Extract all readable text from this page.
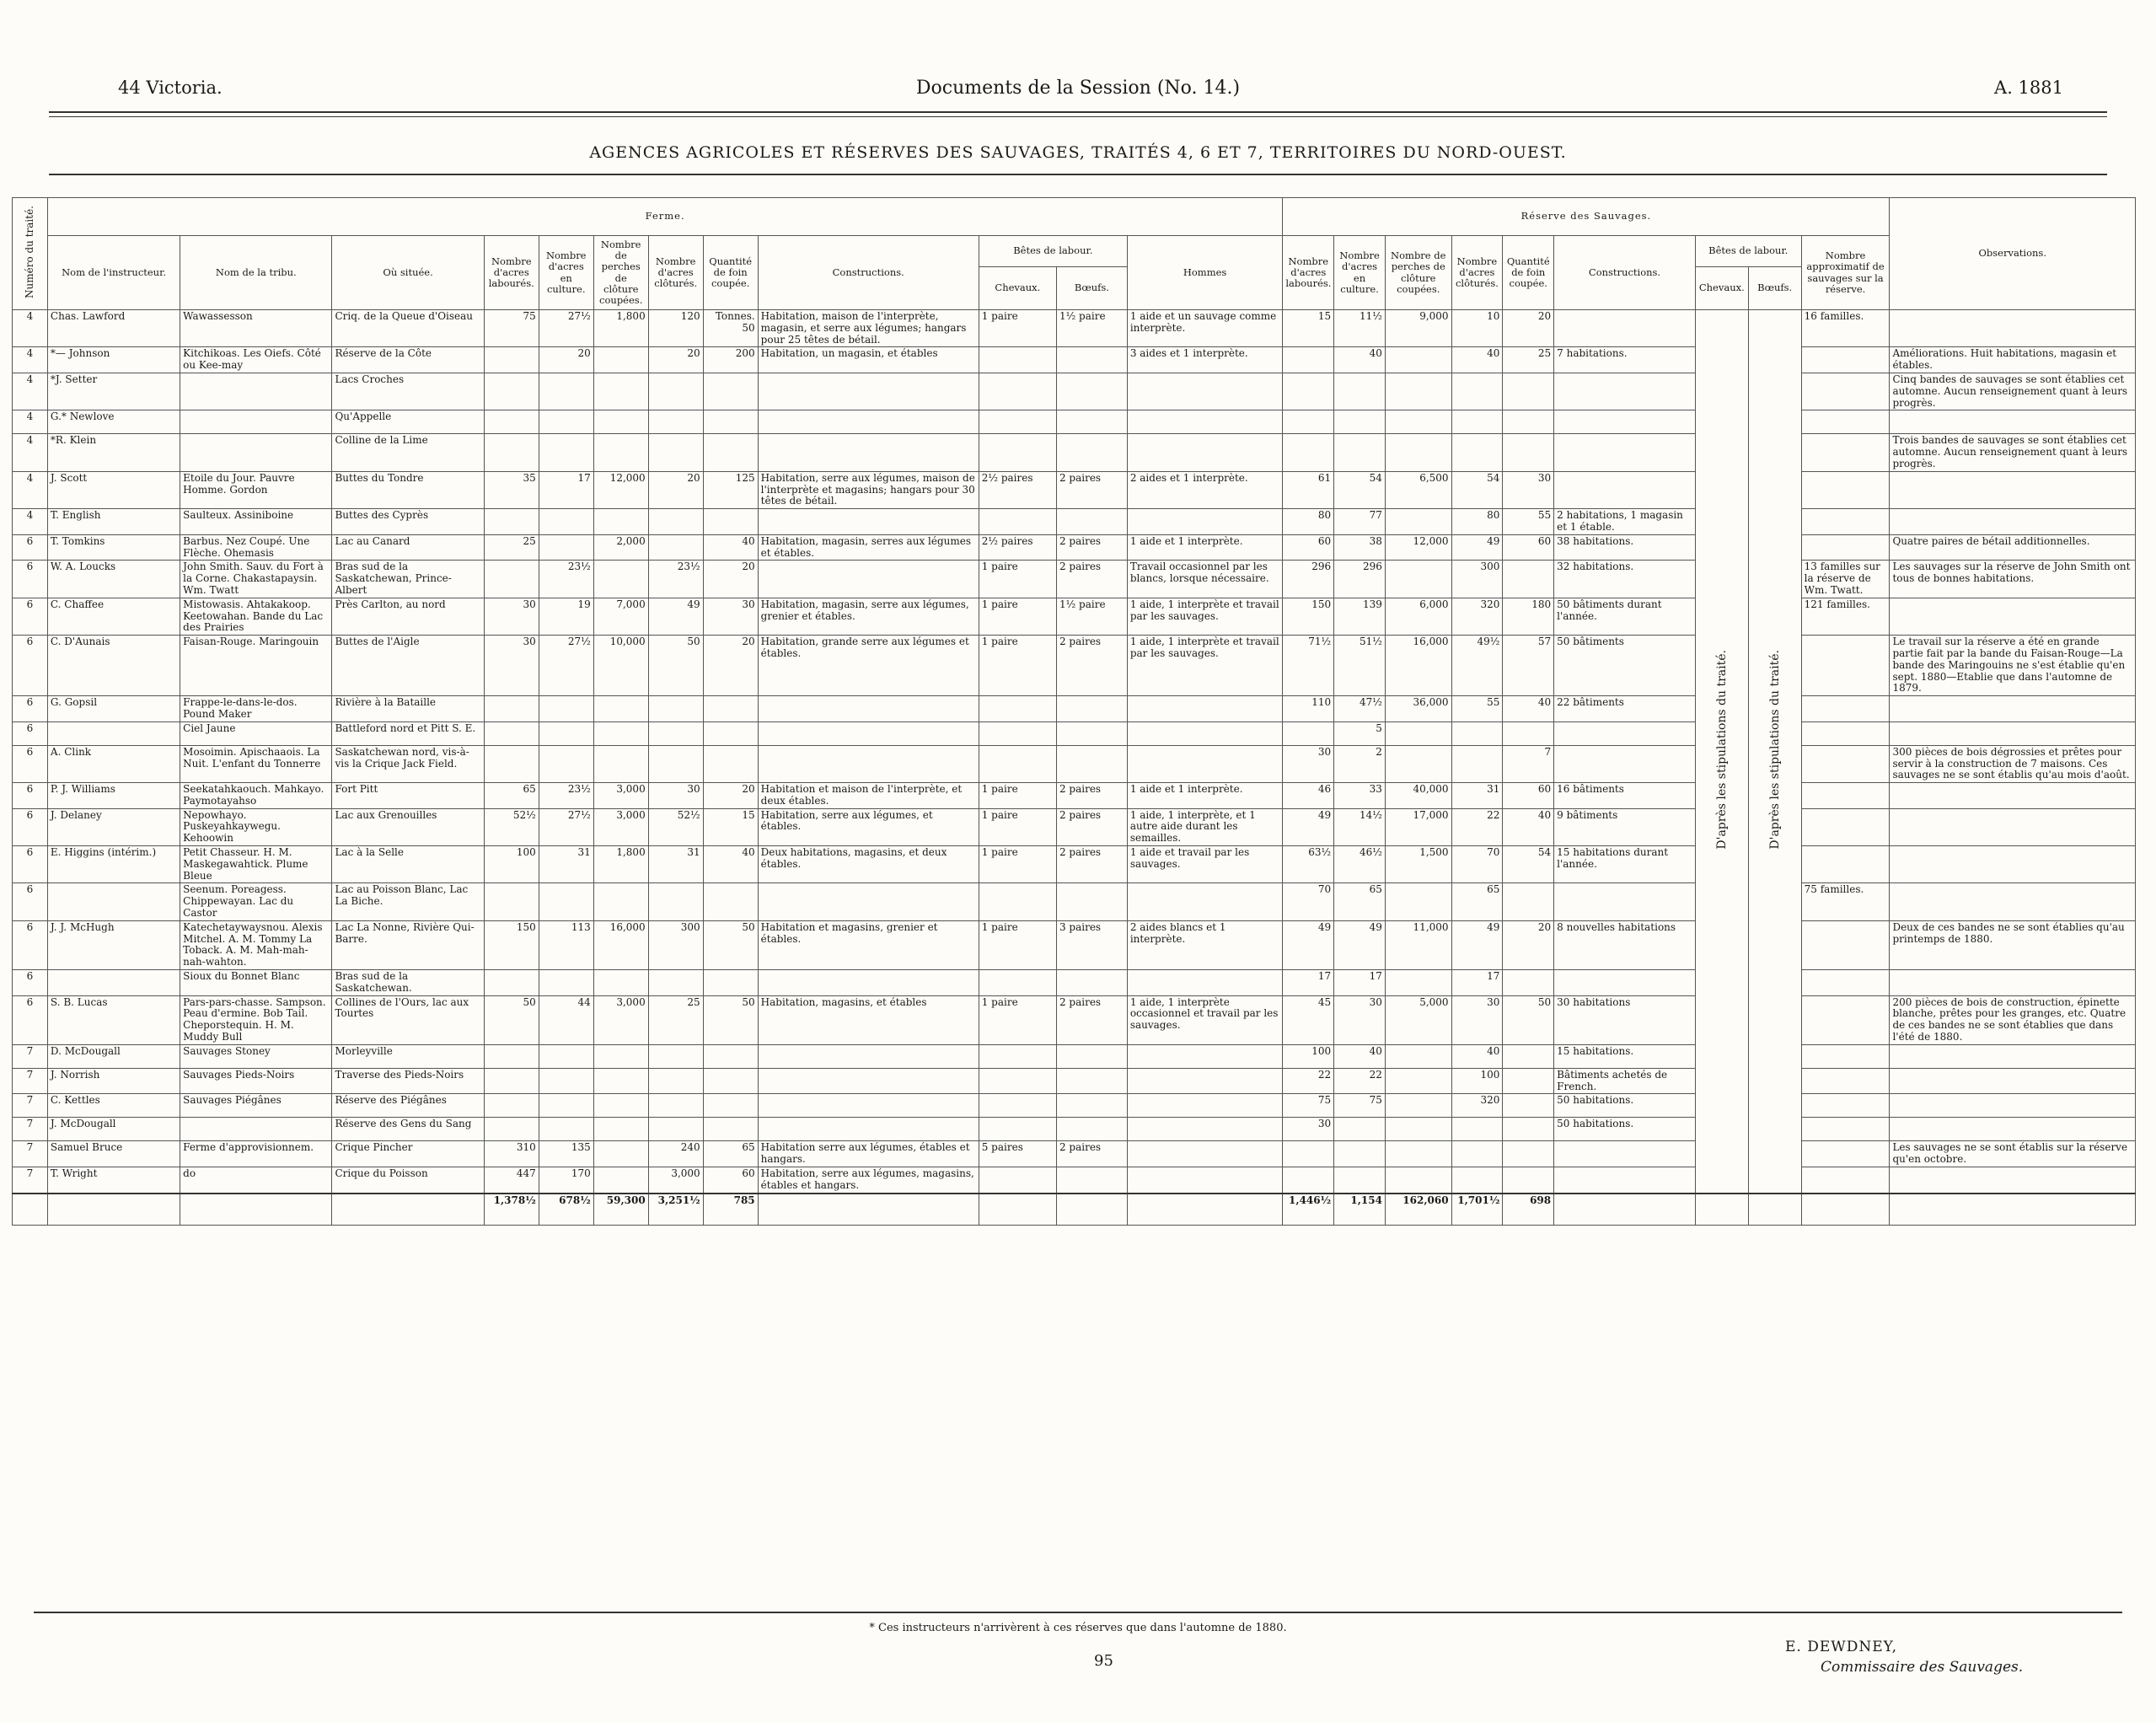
44 Victoria.	Documents de la Session (No. 14.)	A. 1881
AGENCES AGRICOLES ET RÉSERVES DES SAUVAGES, TRAITÉS 4, 6 ET 7, TERRITOIRES DU NORD-OUEST.
Numéro du traité.	Ferme.												Réserve des Sauvages.									Observations.
	Nom de l'instructeur.	Nom de la tribu.	Où située.	Nombre d'acres labourés.	Nombre d'acres en culture.	Nombre de perches de clôture coupées.	Nombre d'acres clôturés.	Quantité de foin coupée.	Constructions.	Bêtes de labour.		Hommes	Nombre d'acres labourés.	Nombre d'acres en culture.	Nombre de perches de clôture coupées.	Nombre d'acres clôturés.	Quantité de foin coupée.	Constructions.	Bêtes de labour.		Nombre approximatif de sauvages sur la réserve.	
										Chevaux.	Bœufs.								Chevaux.	Bœufs.		
4	Chas. Lawford	Wawassesson	Criq. de la Queue d'Oiseau	75	27½	1,800	120	Tonnes. 50	Habitation, maison de l'interprète, magasin, et serre aux légumes; hangars pour 25 têtes de bétail.	1 paire	1½ paire	1 aide et un sauvage comme interprète.	15	11½	9,000	10	20		D'après les stipulations du traité.	D'après les stipulations du traité.	16 familles.	
4	*— Johnson	Kitchikoas. Les Oiefs. Côté ou Kee-may	Réserve de la Côte		20		20	200	Habitation, un magasin, et étables			3 aides et 1 interprète.		40		40	25	7 habitations.				Améliorations. Huit habitations, magasin et étables.
4	*J. Setter		Lacs Croches																			Cinq bandes de sauvages se sont établies cet automne. Aucun renseignement quant à leurs progrès.
4	G.* Newlove		Qu'Appelle																			
4	*R. Klein		Colline de la Lime																			Trois bandes de sauvages se sont établies cet automne. Aucun renseignement quant à leurs progrès.
4	J. Scott	Etoile du Jour. Pauvre Homme. Gordon	Buttes du Tondre	35	17	12,000	20	125	Habitation, serre aux légumes, maison de l'interprète et magasins; hangars pour 30 têtes de bétail.	2½ paires	2 paires	2 aides et 1 interprète.	61	54	6,500	54	30					
4	T. English	Saulteux. Assiniboine	Buttes des Cyprès										80	77		80	55	2 habitations, 1 magasin et 1 étable.				
6	T. Tomkins	Barbus. Nez Coupé. Une Flèche. Ohemasis	Lac au Canard	25		2,000		40	Habitation, magasin, serres aux légumes et étables.	2½ paires	2 paires	1 aide et 1 interprète.	60	38	12,000	49	60	38 habitations.				Quatre paires de bétail additionnelles.
6	W. A. Loucks	John Smith. Sauv. du Fort à la Corne. Chakastapaysin. Wm. Twatt	Bras sud de la Saskatchewan, Prince-Albert		23½		23½	20		1 paire	2 paires	Travail occasionnel par les blancs, lorsque nécessaire.	296	296		300		32 habitations.			13 familles sur la réserve de Wm. Twatt.	Les sauvages sur la réserve de John Smith ont tous de bonnes habitations.
6	C. Chaffee	Mistowasis. Ahtakakoop. Keetowahan. Bande du Lac des Prairies	Près Carlton, au nord	30	19	7,000	49	30	Habitation, magasin, serre aux légumes, grenier et étables.	1 paire	1½ paire	1 aide, 1 interprète et travail par les sauvages.	150	139	6,000	320	180	50 bâtiments durant l'année.			121 familles.	
6	C. D'Aunais	Faisan-Rouge. Maringouin	Buttes de l'Aigle	30	27½	10,000	50	20	Habitation, grande serre aux légumes et étables.	1 paire	2 paires	1 aide, 1 interprète et travail par les sauvages.	71½	51½	16,000	49½	57	50 bâtiments				Le travail sur la réserve a été en grande partie fait par la bande du Faisan-Rouge—La bande des Maringouins ne s'est établie qu'en sept. 1880—Etablie que dans l'automne de 1879.
6	G. Gopsil	Frappe-le-dans-le-dos. Pound Maker	Rivière à la Bataille										110	47½	36,000	55	40	22 bâtiments				
6		Ciel Jaune	Battleford nord et Pitt S. E.											5								
6	A. Clink	Mosoimin. Apischaaois. La Nuit. L'enfant du Tonnerre	Saskatchewan nord, vis-à-vis la Crique Jack Field.										30	2			7					300 pièces de bois dégrossies et prêtes pour servir à la construction de 7 maisons. Ces sauvages ne se sont établis qu'au mois d'août.
6	P. J. Williams	Seekatahkaouch. Mahkayo. Paymotayahso	Fort Pitt	65	23½	3,000	30	20	Habitation et maison de l'interprète, et deux étables.	1 paire	2 paires	1 aide et 1 interprète.	46	33	40,000	31	60	16 bâtiments				
6	J. Delaney	Nepowhayo. Puskeyahkaywegu. Kehoowin	Lac aux Grenouilles	52½	27½	3,000	52½	15	Habitation, serre aux légumes, et étables.	1 paire	2 paires	1 aide, 1 interprète, et 1 autre aide durant les semailles.	49	14½	17,000	22	40	9 bâtiments				
6	E. Higgins (intérim.)	Petit Chasseur. H. M. Maskegawahtick. Plume Bleue	Lac à la Selle	100	31	1,800	31	40	Deux habitations, magasins, et deux étables.	1 paire	2 paires	1 aide et travail par les sauvages.	63½	46½	1,500	70	54	15 habitations durant l'année.				
6		Seenum. Poreagess. Chippewayan. Lac du Castor	Lac au Poisson Blanc, Lac La Biche.										70	65		65					75 familles.	
6	J. J. McHugh	Katechetaywaysnou. Alexis Mitchel. A. M. Tommy La Toback. A. M. Mah-mah-nah-wahton.	Lac La Nonne, Rivière Qui-Barre.	150	113	16,000	300	50	Habitation et magasins, grenier et étables.	1 paire	3 paires	2 aides blancs et 1 interprète.	49	49	11,000	49	20	8 nouvelles habitations				Deux de ces bandes ne se sont établies qu'au printemps de 1880.
6		Sioux du Bonnet Blanc	Bras sud de la Saskatchewan.										17	17		17						
6	S. B. Lucas	Pars-pars-chasse. Sampson. Peau d'ermine. Bob Tail. Cheporstequin. H. M. Muddy Bull	Collines de l'Ours, lac aux Tourtes	50	44	3,000	25	50	Habitation, magasins, et étables	1 paire	2 paires	1 aide, 1 interprète occasionnel et travail par les sauvages.	45	30	5,000	30	50	30 habitations				200 pièces de bois de construction, épinette blanche, prêtes pour les granges, etc. Quatre de ces bandes ne se sont établies que dans l'été de 1880.
7	D. McDougall	Sauvages Stoney	Morleyville										100	40		40		15 habitations.				
7	J. Norrish	Sauvages Pieds-Noirs	Traverse des Pieds-Noirs										22	22		100		Bâtiments achetés de French.				
7	C. Kettles	Sauvages Piégânes	Réserve des Piégânes										75	75		320		50 habitations.				
7	J. McDougall		Réserve des Gens du Sang										30					50 habitations.				
7	Samuel Bruce	Ferme d'approvisionnem.	Crique Pincher	310	135		240	65	Habitation serre aux légumes, étables et hangars.	5 paires	2 paires											Les sauvages ne se sont établis sur la réserve qu'en octobre.
7	T. Wright	do	Crique du Poisson	447	170		3,000	60	Habitation, serre aux légumes, magasins, étables et hangars.													
				1,378½	678½	59,300	3,251½	785					1,446½	1,154	162,060	1,701½	698					
* Ces instructeurs n'arrivèrent à ces réserves que dans l'automne de 1880.
95
E. DEWDNEY,
Commissaire des Sauvages.
